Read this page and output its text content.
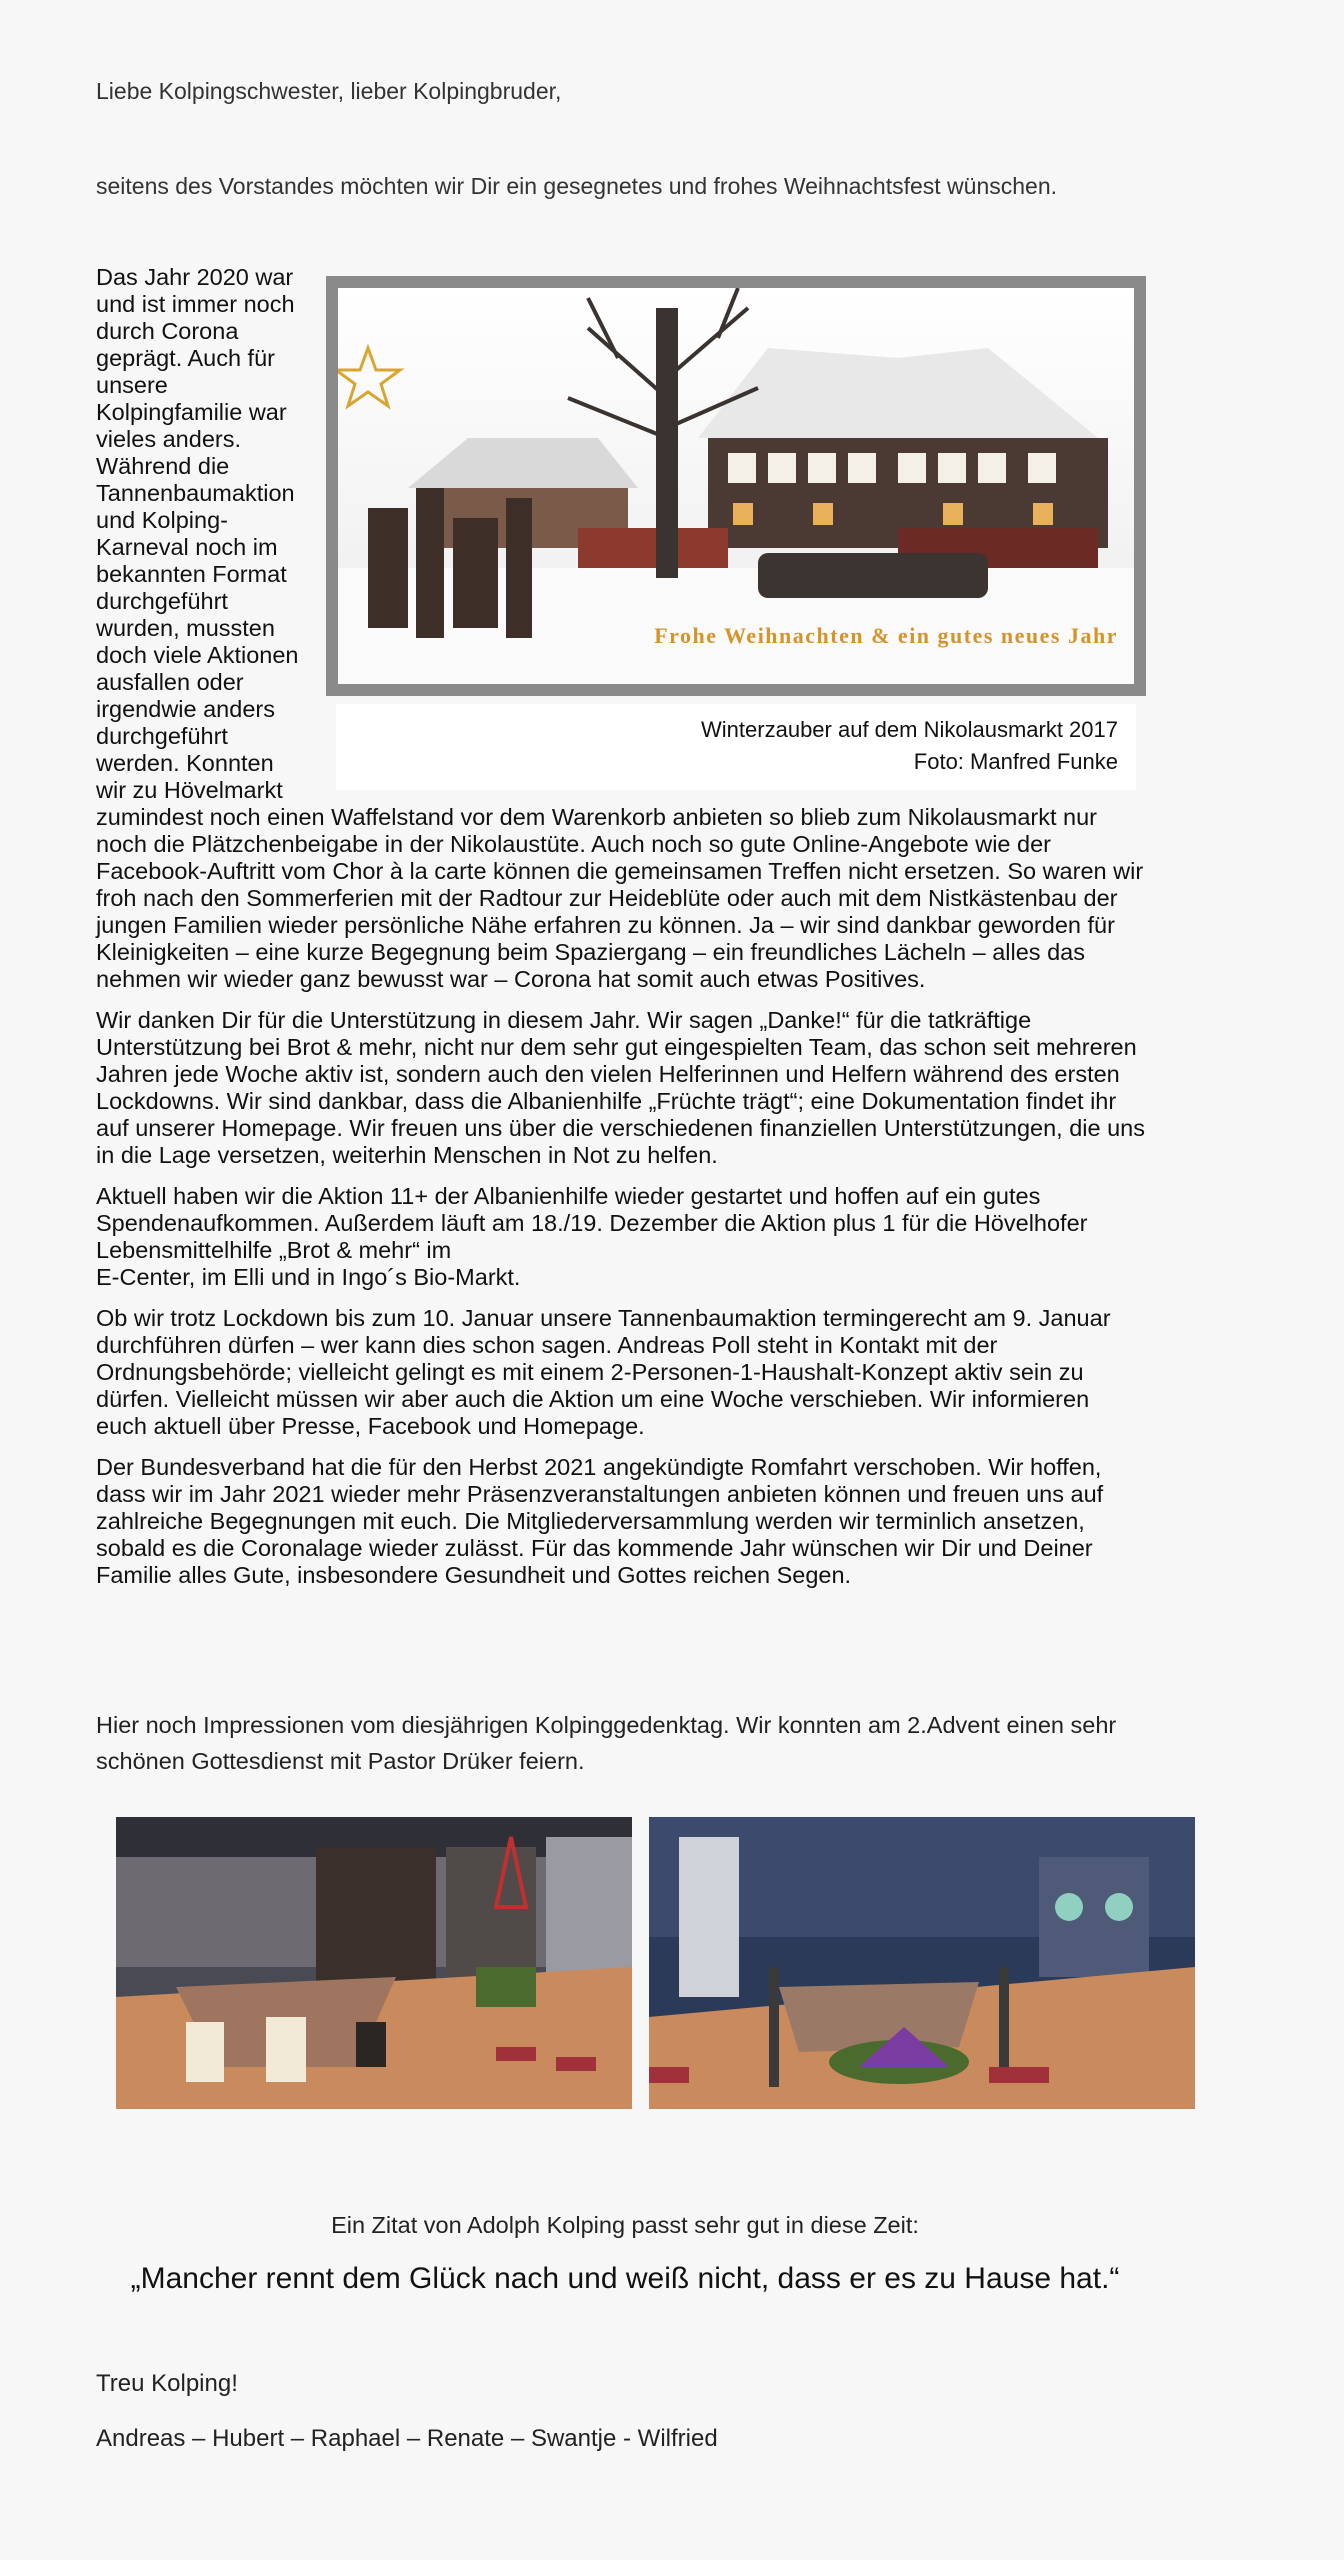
Liebe Kolpingschwester, lieber Kolpingbruder,
seitens des Vorstandes möchten wir Dir ein gesegnetes und frohes Weihnachtsfest wünschen.
Frohe Weihnachten & ein gutes neues Jahr
Winterzauber auf dem Nikolausmarkt 2017
Foto: Manfred Funke

Das Jahr 2020 war und ist immer noch durch Corona geprägt. Auch für unsere Kolpingfamilie war vieles anders. Während die Tannenbaumaktion und Kolping-Karneval noch im bekannten Format durchgeführt wurden, mussten doch viele Aktionen ausfallen oder irgendwie anders durchgeführt werden. Konnten wir zu Hövelmarkt zumindest noch einen Waffelstand vor dem Warenkorb anbieten so blieb zum Nikolausmarkt nur noch die Plätzchenbeigabe in der Nikolaustüte. Auch noch so gute Online-Angebote wie der Facebook-Auftritt vom Chor à la carte können die gemeinsamen Treffen nicht ersetzen. So waren wir froh nach den Sommerferien mit der Radtour zur Heideblüte oder auch mit dem Nistkästenbau der jungen Familien wieder persönliche Nähe erfahren zu können. Ja – wir sind dankbar geworden für Kleinigkeiten – eine kurze Begegnung beim Spaziergang – ein freundliches Lächeln – alles das nehmen wir wieder ganz bewusst war – Corona hat somit auch etwas Positives.

Wir danken Dir für die Unterstützung in diesem Jahr. Wir sagen „Danke!“ für die tatkräftige Unterstützung bei Brot & mehr, nicht nur dem sehr gut eingespielten Team, das schon seit mehreren Jahren jede Woche aktiv ist, sondern auch den vielen Helferinnen und Helfern während des ersten Lockdowns. Wir sind dankbar, dass die Albanienhilfe „Früchte trägt“; eine Dokumentation findet ihr auf unserer Homepage. Wir freuen uns über die verschiedenen finanziellen Unterstützungen, die uns in die Lage versetzen, weiterhin Menschen in Not zu helfen.

Aktuell haben wir die Aktion 11+ der Albanienhilfe wieder gestartet und hoffen auf ein gutes Spendenaufkommen. Außerdem läuft am 18./19. Dezember die Aktion plus 1 für die Hövelhofer Lebensmittelhilfe „Brot & mehr“ im
E-Center, im Elli und in Ingo´s Bio-Markt.

Ob wir trotz Lockdown bis zum 10. Januar unsere Tannenbaumaktion termingerecht am 9. Januar durchführen dürfen – wer kann dies schon sagen. Andreas Poll steht in Kontakt mit der Ordnungsbehörde; vielleicht gelingt es mit einem 2-Personen-1-Haushalt-Konzept aktiv sein zu dürfen. Vielleicht müssen wir aber auch die Aktion um eine Woche verschieben. Wir informieren euch aktuell über Presse, Facebook und Homepage.

Der Bundesverband hat die für den Herbst 2021 angekündigte Romfahrt verschoben. Wir hoffen, dass wir im Jahr 2021 wieder mehr Präsenzveranstaltungen anbieten können und freuen uns auf zahlreiche Begegnungen mit euch. Die Mitgliederversammlung werden wir terminlich ansetzen, sobald es die Coronalage wieder zulässt. Für das kommende Jahr wünschen wir Dir und Deiner Familie alles Gute, insbesondere Gesundheit und Gottes reichen Segen.

Hier noch Impressionen vom diesjährigen Kolpinggedenktag. Wir konnten am 2.Advent einen sehr schönen Gottesdienst mit Pastor Drüker feiern.
Ein Zitat von Adolph Kolping passt sehr gut in diese Zeit:
„Mancher rennt dem Glück nach und weiß nicht, dass er es zu Hause hat.“
Treu Kolping!
Andreas – Hubert – Raphael – Renate – Swantje - Wilfried
